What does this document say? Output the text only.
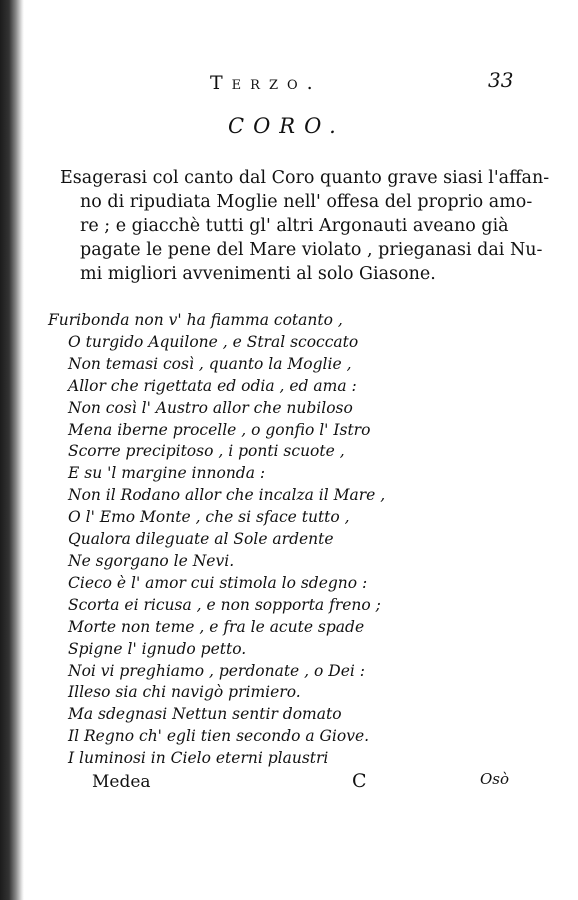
Terzo.	33
CORO.
Esagerasi col canto dal Coro quanto grave siasi l'affan-
no di ripudiata Moglie nell' offesa del proprio amo-
re ; e giacchè tutti gl' altri Argonauti aveano già
pagate le pene del Mare violato , prieganasi dai Nu-
mi migliori avvenimenti al solo Giasone.
Furibonda non v' ha fiamma cotanto ,
O turgido Aquilone , e Stral scoccato
Non temasi così , quanto la Moglie ,
Allor che rigettata ed odia , ed ama :
Non così l' Austro allor che nubiloso
Mena iberne procelle , o gonfio l' Istro
Scorre precipitoso , i ponti scuote ,
E su 'l margine innonda :
Non il Rodano allor che incalza il Mare ,
O l' Emo Monte , che si sface tutto ,
Qualora dileguate al Sole ardente
Ne sgorgano le Nevi.
Cieco è l' amor cui stimola lo sdegno :
Scorta ei ricusa , e non sopporta freno ;
Morte non teme , e fra le acute spade
Spigne l' ignudo petto.
Noi vi preghiamo , perdonate , o Dei :
Illeso sia chi navigò primiero.
Ma sdegnasi Nettun sentir domato
Il Regno ch' egli tien secondo a Giove.
I luminosi in Cielo eterni plaustri
Medea	C	Osò
